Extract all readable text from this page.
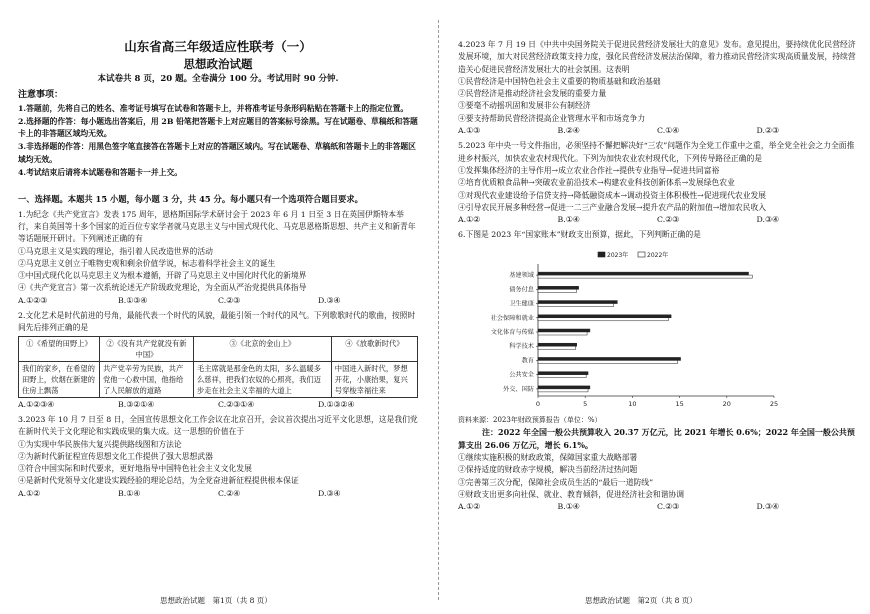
山东省高三年级适应性联考（一）
思想政治试题
本试卷共 8 页，20 题。全卷满分 100 分。考试用时 90 分钟.
注意事项：

1.答题前，先将自己的姓名、准考证号填写在试卷和答题卡上，并将准考证号条形码粘贴在答题卡上的指定位置。

2.选择题的作答：每小题选出答案后，用 2B 铅笔把答题卡上对应题目的答案标号涂黑。写在试题卷、草稿纸和答题卡上的非答题区域均无效。

3.非选择题的作答：用黑色签字笔直接答在答题卡上对应的答题区域内。写在试题卷、草稿纸和答题卡上的非答题区域均无效。

4.考试结束后请将本试题卷和答题卡一并上交。

一、选择题。本题共 15 小题，每小题 3 分，共 45 分。每小题只有一个选项符合题目要求。

1.为纪念《共产党宣言》发表 175 周年，恩格斯国际学术研讨会于 2023 年 6 月 1 日至 3 日在英国伊斯特本举行，来自英国等十多个国家的近百位专家学者就马克思主义与中国式现代化、马克思恩格斯思想、共产主义和新青年等话题展开研讨。下列阐述正确的有

①马克思主义是实践的理论，指引着人民改造世界的活动

②马克思主义创立于唯物史观和剩余价值学说，标志着科学社会主义的诞生

③中国式现代化以马克思主义为根本遵循，开辟了马克思主义中国化时代化的新境界

④《共产党宣言》第一次系统论述无产阶级政党理论，为全面从严治党提供具体指导

A.①②③	B.①③④	C.②③	D.③④

2.文化艺术是时代前进的号角，最能代表一个时代的风貌，最能引领一个时代的风气。下列歌歌时代的歌曲，按照时间先后排列正确的是

①《希望的田野上》	②《没有共产党就没有新中国》	③《北京的金山上》	④《放歌新时代》
我们的家乡，在希望的田野上，炊烟在新建的住房上飘荡	共产党辛劳为民族，共产党他一心救中国，他指给了人民解放的道路	毛主席就是那金色的太阳，多么温暖多么慈祥，把我们农奴的心照亮，我们迈步走在社会主义幸福的大道上	中国进入新时代，梦想开花，小康抬果，复兴号穿梭幸福往来
A.①②③④	B.③②①④	C.②③①④	D.①③②④

3.2023 年 10 月 7 日至 8 日，全国宣传思想文化工作会议在北京召开，会议首次提出习近平文化思想，这是我们党在新时代关于文化理论和实践成果的集大成。这一思想的价值在于

①为实现中华民族伟大复兴提供路线图和方法论

②为新时代新征程宣传思想文化工作提供了强大思想武器

③符合中国实际和时代要求，更好地指导中国特色社会主义文化发展

④是新时代党领导文化建设实践经验的理论总结，为全党奋进新征程提供根本保证

A.①②	B.①④	C.②④	D.③④
思想政治试题　第1页（共 8 页）

4.2023 年 7 月 19 日《中共中央国务院关于促进民营经济发展壮大的意见》发布。意见提出，要持续优化民营经济发展环境，加大对民营经济政策支持力度，强化民营经济发展法治保障，着力推动民营经济实现高质量发展，持续营造关心促进民营经济发展壮大的社会氛围。这表明

①民营经济是中国特色社会主义重要的物质基础和政治基础

②民营经济是推动经济社会发展的重要力量

③要毫不动摇巩固和发展非公有制经济

④要支持帮助民营经济提高企业管理水平和市场竞争力

A.①③	B.②④	C.①④	D.②③

5.2023 年中央一号文件指出，必须坚持不懈把解决好“三农”问题作为全党工作重中之重，举全党全社会之力全面推进乡村振兴，加快农业农村现代化。下列为加快农业农村现代化，下列传导路径正确的是

①发挥集体经济的主导作用→成立农业合作社→提供专业指导→促进共同富裕

②培育优质粮食品种→突破农业前沿技术→构建农业科技创新体系→发展绿色农业

③对现代农业建设给予信贷支持→降低融资成本→调动投资主体积极性→促进现代农业发展

④引导农民开展多种经营→促进一二三产业融合发展→提升农产品的附加值→增加农民收入

A.①②	B.①④	C.②③	D.③④

6.下图是 2023 年“国家账本”财政支出预算，据此，下列判断正确的是

2023年	2022年
0	5	10	15	20	25
基建领域
债务付息
卫生健康
社会保障和就业
文化体育与传媒
科学技术
教育
公共安全
外交、国防

资料来源：2023年财政预算报告（单位：%）

注：2022 年全国一般公共预算收入 20.37 万亿元，比 2021 年增长 0.6%；2022 年全国一般公共预算支出 26.06 万亿元，增长 6.1%。

①继续实施积极的财政政策，保障国家重大战略部署

②保持适度的财政赤字规模，解决当前经济过热问题

③完善第三次分配，保障社会成员生活的“最后一道防线”

④财政支出更多向社保、就业、教育倾斜，促进经济社会和谐协调

A.①②	B.①④	C.②③	D.③④
思想政治试题　第2页（共 8 页）
